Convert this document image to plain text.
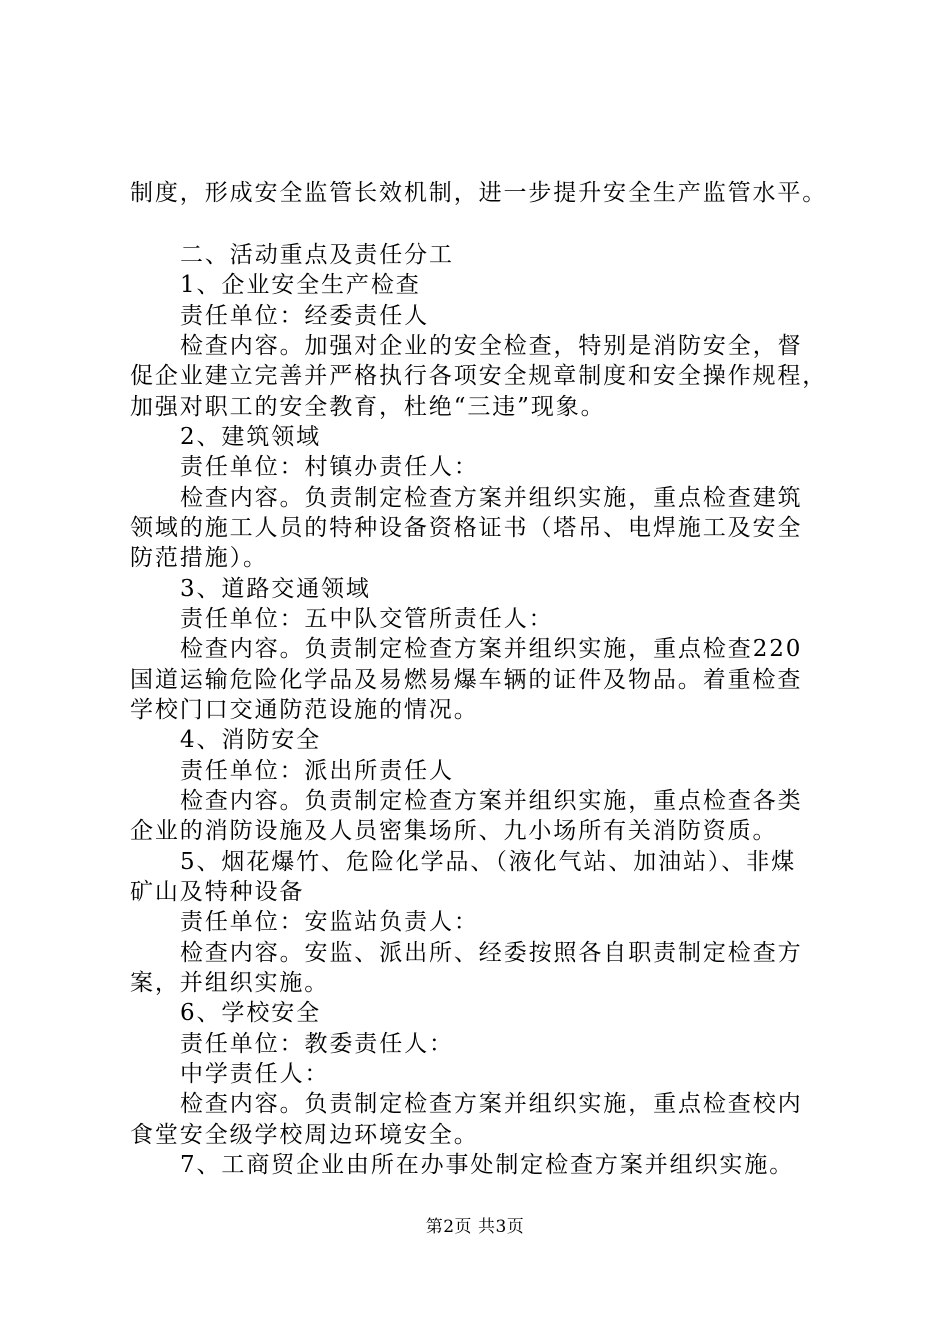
制度，形成安全监管长效机制，进一步提升安全生产监管水平。
二、活动重点及责任分工
1、企业安全生产检查
责任单位：经委责任人
检查内容。加强对企业的安全检查，特别是消防安全，督
促企业建立完善并严格执行各项安全规章制度和安全操作规程，
加强对职工的安全教育，杜绝“三违”现象。
2、建筑领域
责任单位：村镇办责任人：
检查内容。负责制定检查方案并组织实施，重点检查建筑
领域的施工人员的特种设备资格证书（塔吊、电焊施工及安全
防范措施）。
3、道路交通领域
责任单位：五中队交管所责任人：
检查内容。负责制定检查方案并组织实施，重点检查220
国道运输危险化学品及易燃易爆车辆的证件及物品。着重检查
学校门口交通防范设施的情况。
4、消防安全
责任单位：派出所责任人
检查内容。负责制定检查方案并组织实施，重点检查各类
企业的消防设施及人员密集场所、九小场所有关消防资质。
5、烟花爆竹、危险化学品、（液化气站、加油站）、非煤
矿山及特种设备
责任单位：安监站负责人：
检查内容。安监、派出所、经委按照各自职责制定检查方
案，并组织实施。
6、学校安全
责任单位：教委责任人：
中学责任人：
检查内容。负责制定检查方案并组织实施，重点检查校内
食堂安全级学校周边环境安全。
7、工商贸企业由所在办事处制定检查方案并组织实施。
第2页 共3页
